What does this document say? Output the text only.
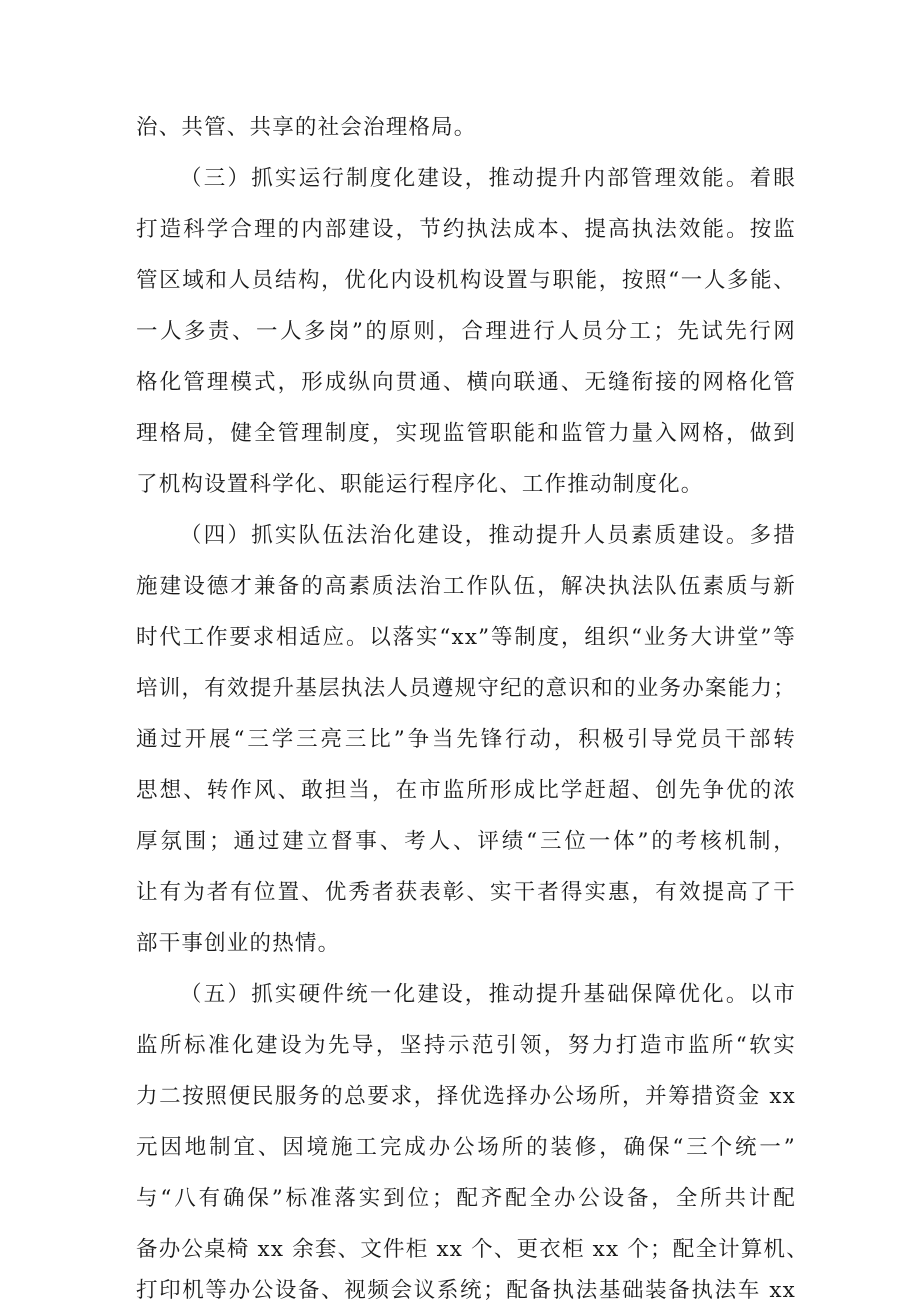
治、共管、共享的社会治理格局。
（三）抓实运行制度化建设，推动提升内部管理效能。着眼
打造科学合理的内部建设，节约执法成本、提高执法效能。按监
管区域和人员结构，优化内设机构设置与职能，按照“一人多能、
一人多责、一人多岗”的原则，合理进行人员分工；先试先行网
格化管理模式，形成纵向贯通、横向联通、无缝衔接的网格化管
理格局，健全管理制度，实现监管职能和监管力量入网格，做到
了机构设置科学化、职能运行程序化、工作推动制度化。
（四）抓实队伍法治化建设，推动提升人员素质建设。多措
施建设德才兼备的高素质法治工作队伍，解决执法队伍素质与新
时代工作要求相适应。以落实“xx”等制度，组织“业务大讲堂”等
培训，有效提升基层执法人员遵规守纪的意识和的业务办案能力；
通过开展“三学三亮三比”争当先锋行动，积极引导党员干部转
思想、转作风、敢担当，在市监所形成比学赶超、创先争优的浓
厚氛围；通过建立督事、考人、评绩“三位一体”的考核机制，
让有为者有位置、优秀者获表彰、实干者得实惠，有效提高了干
部干事创业的热情。
（五）抓实硬件统一化建设，推动提升基础保障优化。以市
监所标准化建设为先导，坚持示范引领，努力打造市监所“软实
力二按照便民服务的总要求，择优选择办公场所，并筹措资金 xx
元因地制宜、因境施工完成办公场所的装修，确保“三个统一”
与“八有确保”标准落实到位；配齐配全办公设备，全所共计配
备办公桌椅 xx 余套、文件柜 xx 个、更衣柜 xx 个；配全计算机、
打印机等办公设备、视频会议系统；配备执法基础装备执法车 xx
